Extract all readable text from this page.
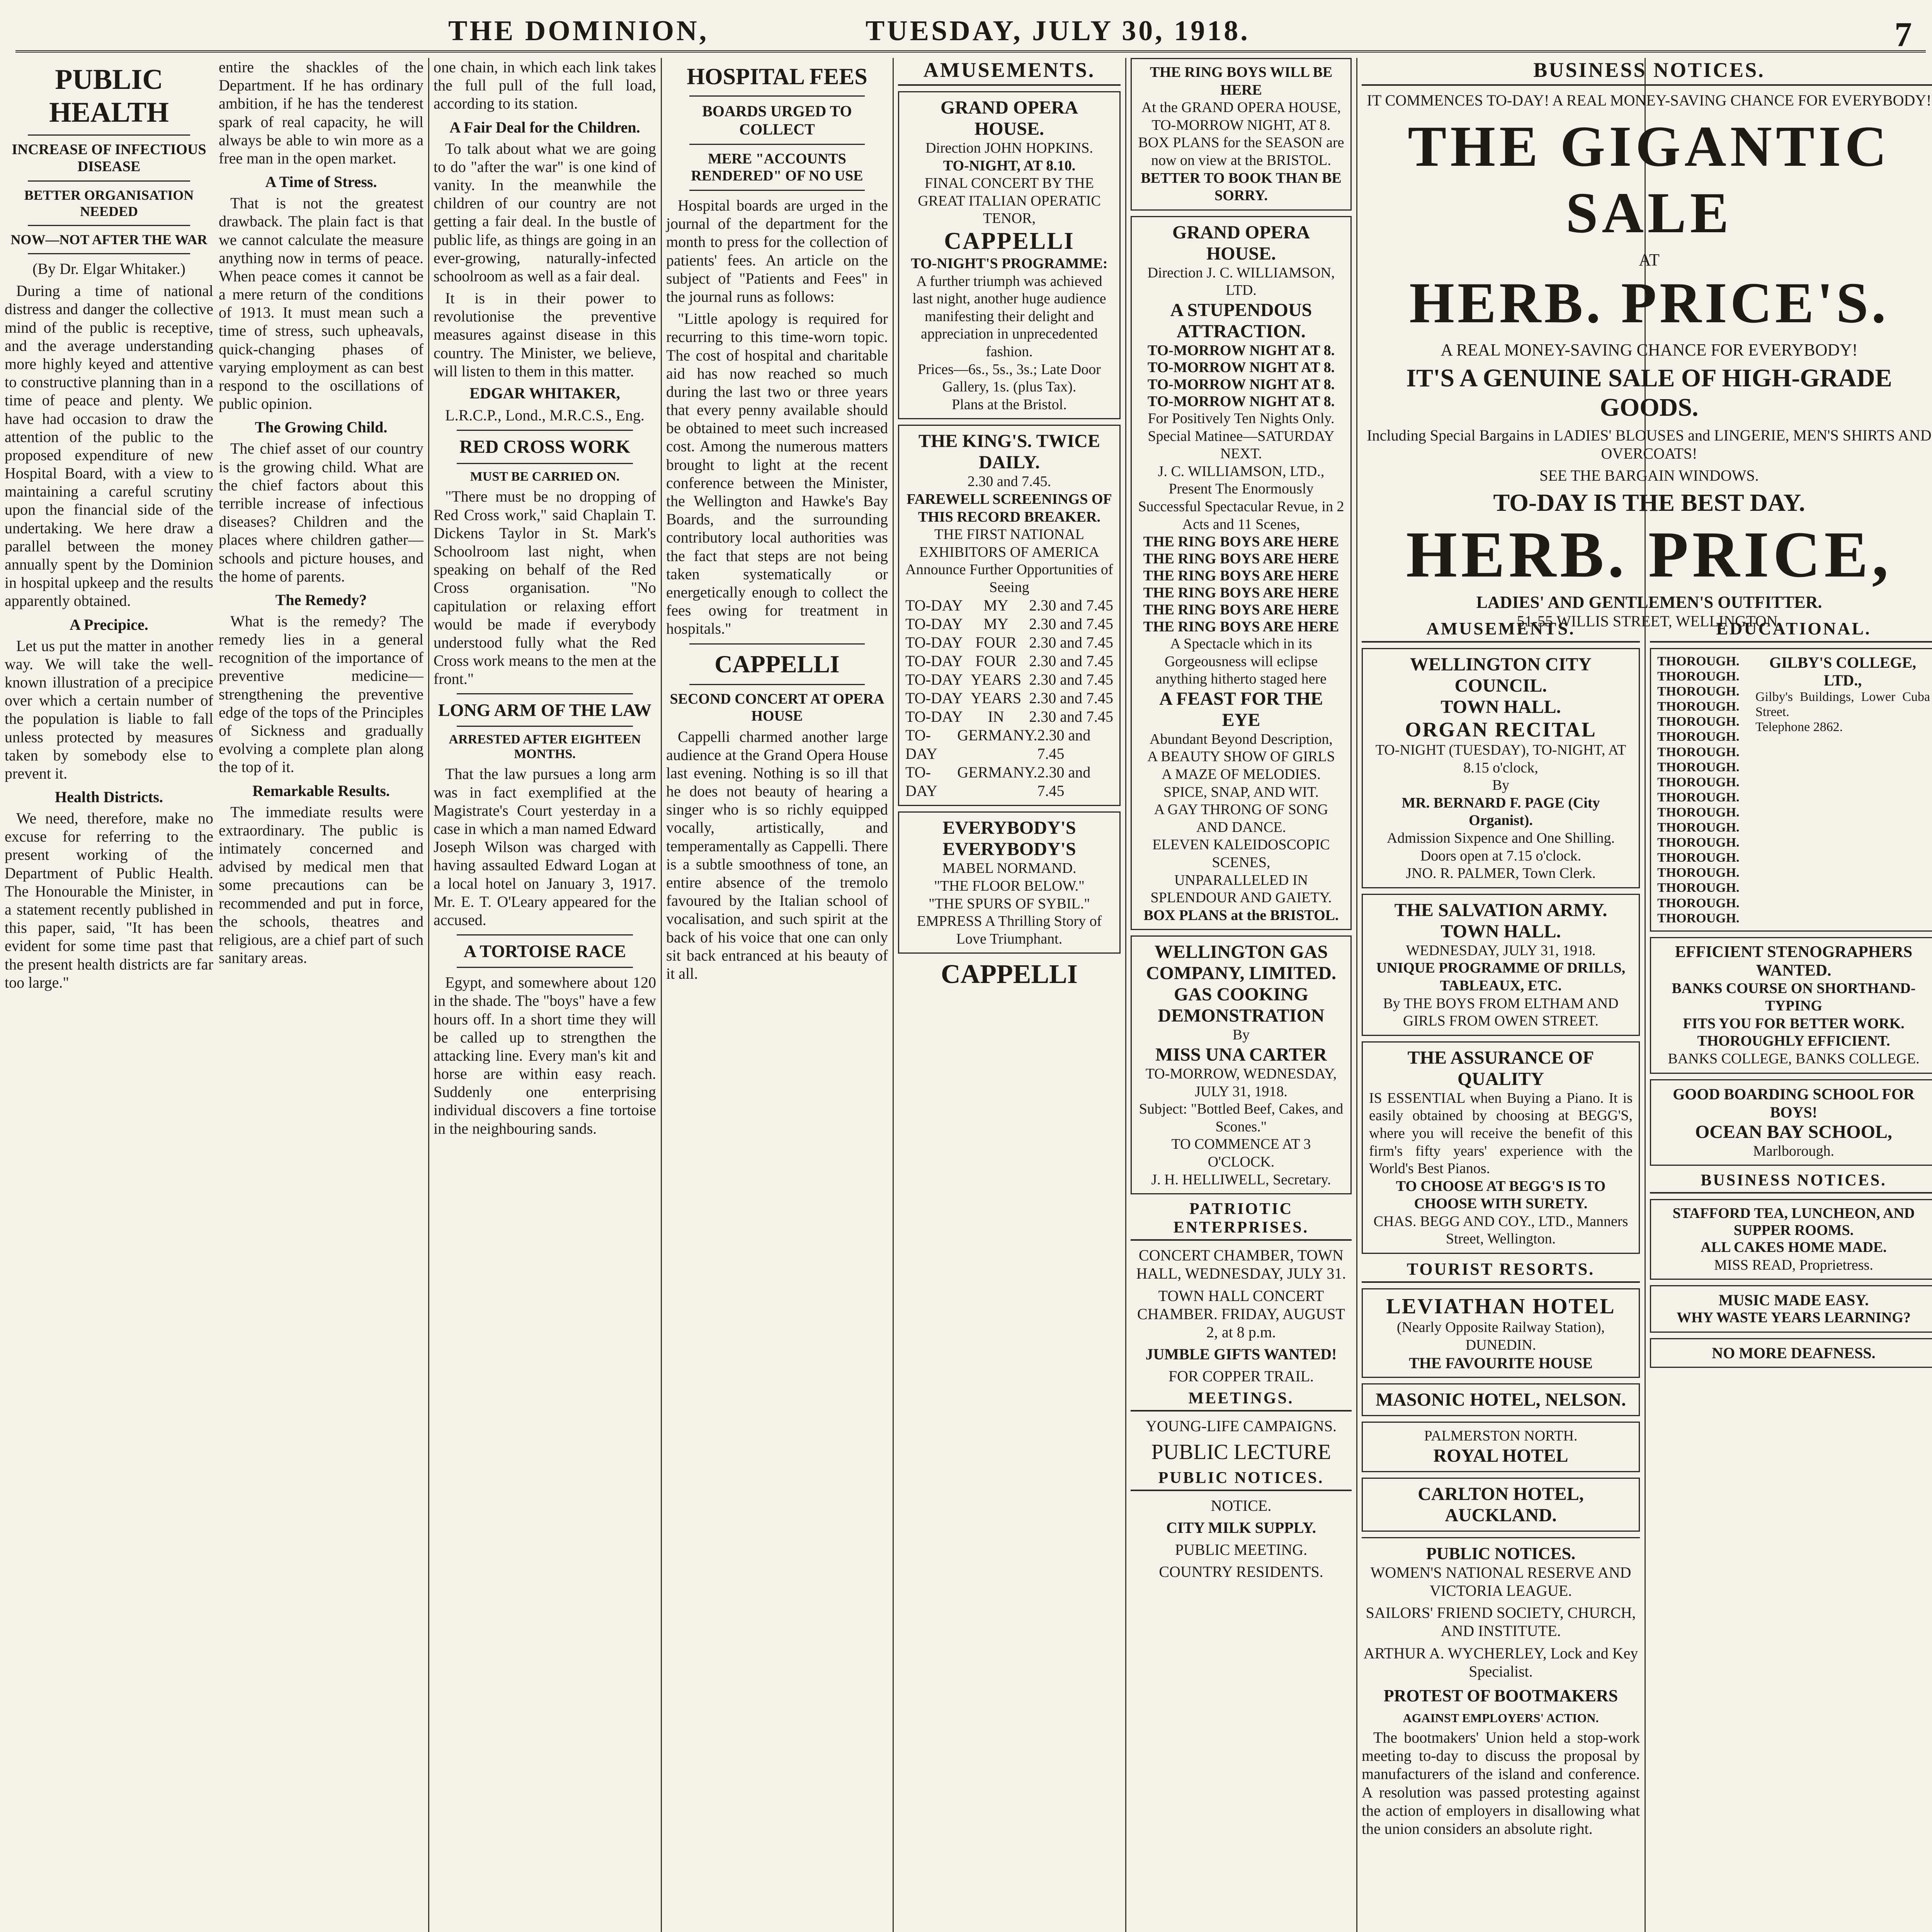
THE DOMINION,	TUESDAY, JULY 30, 1918.	7
PUBLIC HEALTH
INCREASE OF INFECTIOUS DISEASE
BETTER ORGANISATION NEEDED
NOW—NOT AFTER THE WAR

(By Dr. Elgar Whitaker.)

During a time of national distress and danger the collective mind of the public is receptive, and the average understanding more highly keyed and attentive to constructive planning than in a time of peace and plenty. We have had occasion to draw the attention of the public to the proposed expenditure of new Hospital Board, with a view to maintaining a careful scrutiny upon the financial side of the undertaking. We here draw a parallel between the money annually spent by the Dominion in hospital upkeep and the results apparently obtained.

A Precipice.

Let us put the matter in another way. We will take the well-known illustration of a precipice over which a certain number of the population is liable to fall unless protected by measures taken by somebody else to prevent it.

Health Districts.

We need, therefore, make no excuse for referring to the present working of the Department of Public Health. The Honourable the Minister, in a statement recently published in this paper, said, "It has been evident for some time past that the present health districts are far too large."

entire the shackles of the Department. If he has ordinary ambition, if he has the tenderest spark of real capacity, he will always be able to win more as a free man in the open market.

A Time of Stress.

That is not the greatest drawback. The plain fact is that we cannot calculate the measure anything now in terms of peace. When peace comes it cannot be a mere return of the conditions of 1913. It must mean such a time of stress, such upheavals, quick-changing phases of varying employment as can best respond to the oscillations of public opinion.

The Growing Child.

The chief asset of our country is the growing child. What are the chief factors about this terrible increase of infectious diseases? Children and the places where children gather—schools and picture houses, and the home of parents.

The Remedy?

What is the remedy? The remedy lies in a general recognition of the importance of preventive medicine—strengthening the preventive edge of the tops of the Principles of Sickness and gradually evolving a complete plan along the top of it.

Remarkable Results.

The immediate results were extraordinary. The public is intimately concerned and advised by medical men that some precautions can be recommended and put in force, the schools, theatres and religious, are a chief part of such sanitary areas.

one chain, in which each link takes the full pull of the full load, according to its station.

A Fair Deal for the Children.

To talk about what we are going to do "after the war" is one kind of vanity. In the meanwhile the children of our country are not getting a fair deal. In the bustle of public life, as things are going in an ever-growing, naturally-infected schoolroom as well as a fair deal.

It is in their power to revolutionise the preventive measures against disease in this country. The Minister, we believe, will listen to them in this matter.

EDGAR WHITAKER,

L.R.C.P., Lond., M.R.C.S., Eng.

RED CROSS WORK
MUST BE CARRIED ON.

"There must be no dropping of Red Cross work," said Chaplain T. Dickens Taylor in St. Mark's Schoolroom last night, when speaking on behalf of the Red Cross organisation. "No capitulation or relaxing effort would be made if everybody understood fully what the Red Cross work means to the men at the front."

LONG ARM OF THE LAW
ARRESTED AFTER EIGHTEEN MONTHS.

That the law pursues a long arm was in fact exemplified at the Magistrate's Court yesterday in a case in which a man named Edward Joseph Wilson was charged with having assaulted Edward Logan at a local hotel on January 3, 1917. Mr. E. T. O'Leary appeared for the accused.

A TORTOISE RACE

Egypt, and somewhere about 120 in the shade. The "boys" have a few hours off. In a short time they will be called up to strengthen the attacking line. Every man's kit and horse are within easy reach. Suddenly one enterprising individual discovers a fine tortoise in the neighbouring sands.

HOSPITAL FEES
BOARDS URGED TO COLLECT
MERE "ACCOUNTS RENDERED" OF NO USE

Hospital boards are urged in the journal of the department for the month to press for the collection of patients' fees. An article on the subject of "Patients and Fees" in the journal runs as follows:

"Little apology is required for recurring to this time-worn topic. The cost of hospital and charitable aid has now reached so much during the last two or three years that every penny available should be obtained to meet such increased cost. Among the numerous matters brought to light at the recent conference between the Minister, the Wellington and Hawke's Bay Boards, and the surrounding contributory local authorities was the fact that steps are not being taken systematically or energetically enough to collect the fees owing for treatment in hospitals."

CAPPELLI
SECOND CONCERT AT OPERA HOUSE

Cappelli charmed another large audience at the Grand Opera House last evening. Nothing is so ill that he does not beauty of hearing a singer who is so richly equipped vocally, artistically, and temperamentally as Cappelli. There is a subtle smoothness of tone, an entire absence of the tremolo favoured by the Italian school of vocalisation, and such spirit at the back of his voice that one can only sit back entranced at his beauty of it all.

AMUSEMENTS.
GRAND OPERA HOUSE.
Direction JOHN HOPKINS.
TO-NIGHT, AT 8.10.
FINAL CONCERT BY THE GREAT ITALIAN OPERATIC TENOR,
CAPPELLI
TO-NIGHT'S PROGRAMME:
A further triumph was achieved last night, another huge audience manifesting their delight and appreciation in unprecedented fashion.
Prices—6s., 5s., 3s.; Late Door Gallery, 1s. (plus Tax).
Plans at the Bristol.
THE KING'S. TWICE DAILY.
2.30 and 7.45.
FAREWELL SCREENINGS OF THIS RECORD BREAKER.
THE FIRST NATIONAL EXHIBITORS OF AMERICA
Announce Further Opportunities of Seeing
TO-DAY MY 2.30 and 7.45
TO-DAY MY 2.30 and 7.45
TO-DAY FOUR 2.30 and 7.45
TO-DAY FOUR 2.30 and 7.45
TO-DAY YEARS 2.30 and 7.45
TO-DAY YEARS 2.30 and 7.45
TO-DAY IN 2.30 and 7.45
TO-DAY
GERMANY. 2.30 and 7.45
TO-DAY
GERMANY. 2.30 and 7.45
EVERYBODY'S EVERYBODY'S
MABEL NORMAND.
"THE FLOOR BELOW."
"THE SPURS OF SYBIL."
EMPRESS A Thrilling Story of Love Triumphant.
CAPPELLI
THE RING BOYS WILL BE HERE
At the GRAND OPERA HOUSE,
TO-MORROW NIGHT, AT 8.
BOX PLANS for the SEASON are now on view at the BRISTOL.
BETTER TO BOOK THAN BE SORRY.
GRAND OPERA HOUSE.
Direction J. C. WILLIAMSON, LTD.
A STUPENDOUS ATTRACTION.
TO-MORROW NIGHT AT 8.
TO-MORROW NIGHT AT 8.
TO-MORROW NIGHT AT 8.
TO-MORROW NIGHT AT 8.
For Positively Ten Nights Only.
Special Matinee—SATURDAY NEXT.
J. C. WILLIAMSON, LTD., Present The Enormously Successful Spectacular Revue, in 2 Acts and 11 Scenes,
THE RING BOYS ARE HERE
THE RING BOYS ARE HERE
THE RING BOYS ARE HERE
THE RING BOYS ARE HERE
THE RING BOYS ARE HERE
THE RING BOYS ARE HERE
A Spectacle which in its Gorgeousness will eclipse anything hitherto staged here
A FEAST FOR THE EYE
Abundant Beyond Description,
A BEAUTY SHOW OF GIRLS
A MAZE OF MELODIES.
SPICE, SNAP, AND WIT.
A GAY THRONG OF SONG AND DANCE.
ELEVEN KALEIDOSCOPIC SCENES,
UNPARALLELED IN SPLENDOUR AND GAIETY.
BOX PLANS at the BRISTOL.
WELLINGTON GAS COMPANY, LIMITED.
GAS COOKING DEMONSTRATION
By
MISS UNA CARTER
TO-MORROW, WEDNESDAY, JULY 31, 1918.
Subject: "Bottled Beef, Cakes, and Scones."
TO COMMENCE AT 3 O'CLOCK.
J. H. HELLIWELL, Secretary.
PATRIOTIC ENTERPRISES.

CONCERT CHAMBER, TOWN HALL, WEDNESDAY, JULY 31.

TOWN HALL CONCERT CHAMBER. FRIDAY, AUGUST 2, at 8 p.m.

JUMBLE GIFTS WANTED!

FOR COPPER TRAIL.

MEETINGS.

YOUNG-LIFE CAMPAIGNS.

PUBLIC LECTURE

PUBLIC NOTICES.

NOTICE.

CITY MILK SUPPLY.

PUBLIC MEETING.

COUNTRY RESIDENTS.

BUSINESS NOTICES.
IT COMMENCES TO-DAY! A REAL MONEY-SAVING CHANCE FOR EVERYBODY!
THE GIGANTIC SALE
AT
HERB. PRICE'S.
A REAL MONEY-SAVING CHANCE FOR EVERYBODY!
IT'S A GENUINE SALE OF HIGH-GRADE GOODS.
Including Special Bargains in LADIES' BLOUSES and LINGERIE, MEN'S SHIRTS AND OVERCOATS!
SEE THE BARGAIN WINDOWS.
TO-DAY IS THE BEST DAY.
HERB. PRICE,
LADIES' AND GENTLEMEN'S OUTFITTER.
51-55 WILLIS STREET, WELLINGTON.
AMUSEMENTS.
WELLINGTON CITY COUNCIL.
TOWN HALL.
ORGAN RECITAL
TO-NIGHT (TUESDAY), TO-NIGHT, AT 8.15 o'clock,
By
MR. BERNARD F. PAGE (City Organist).
Admission Sixpence and One Shilling. Doors open at 7.15 o'clock.
JNO. R. PALMER, Town Clerk.
THE SALVATION ARMY.
TOWN HALL.
WEDNESDAY, JULY 31, 1918.
UNIQUE PROGRAMME OF DRILLS, TABLEAUX, ETC.
By THE BOYS FROM ELTHAM AND GIRLS FROM OWEN STREET.
THE ASSURANCE OF QUALITY
IS ESSENTIAL when Buying a Piano. It is easily obtained by choosing at BEGG'S, where you will receive the benefit of this firm's fifty years' experience with the World's Best Pianos.
TO CHOOSE AT BEGG'S IS TO CHOOSE WITH SURETY.
CHAS. BEGG AND COY., LTD., Manners Street, Wellington.
TOURIST RESORTS.
LEVIATHAN HOTEL
(Nearly Opposite Railway Station), DUNEDIN.
THE FAVOURITE HOUSE
MASONIC HOTEL, NELSON.
PALMERSTON NORTH.
ROYAL HOTEL
CARLTON HOTEL, AUCKLAND.
PUBLIC NOTICES.

WOMEN'S NATIONAL RESERVE AND VICTORIA LEAGUE.

SAILORS' FRIEND SOCIETY, CHURCH, AND INSTITUTE.

ARTHUR A. WYCHERLEY, Lock and Key Specialist.

PROTEST OF BOOTMAKERS
AGAINST EMPLOYERS' ACTION.

The bootmakers' Union held a stop-work meeting to-day to discuss the proposal by manufacturers of the island and conference. A resolution was passed protesting against the action of employers in disallowing what the union considers an absolute right.

EDUCATIONAL.
THOROUGH.
THOROUGH.
THOROUGH.
THOROUGH.
THOROUGH.
THOROUGH.
THOROUGH.
THOROUGH.
THOROUGH.
THOROUGH.
THOROUGH.
THOROUGH.
THOROUGH.
THOROUGH.
THOROUGH.
THOROUGH.
THOROUGH.
THOROUGH.
GILBY'S COLLEGE, LTD.,
Gilby's Buildings, Lower Cuba Street.
Telephone 2862.
EFFICIENT STENOGRAPHERS WANTED.
BANKS COURSE ON SHORTHAND-TYPING
FITS YOU FOR BETTER WORK.
THOROUGHLY EFFICIENT.
BANKS COLLEGE, BANKS COLLEGE.
GOOD BOARDING SCHOOL FOR BOYS!
OCEAN BAY SCHOOL,
Marlborough.
BUSINESS NOTICES.
STAFFORD TEA, LUNCHEON, AND SUPPER ROOMS.
ALL CAKES HOME MADE.
MISS READ, Proprietress.
MUSIC MADE EASY.
WHY WASTE YEARS LEARNING?
NO MORE DEAFNESS.
